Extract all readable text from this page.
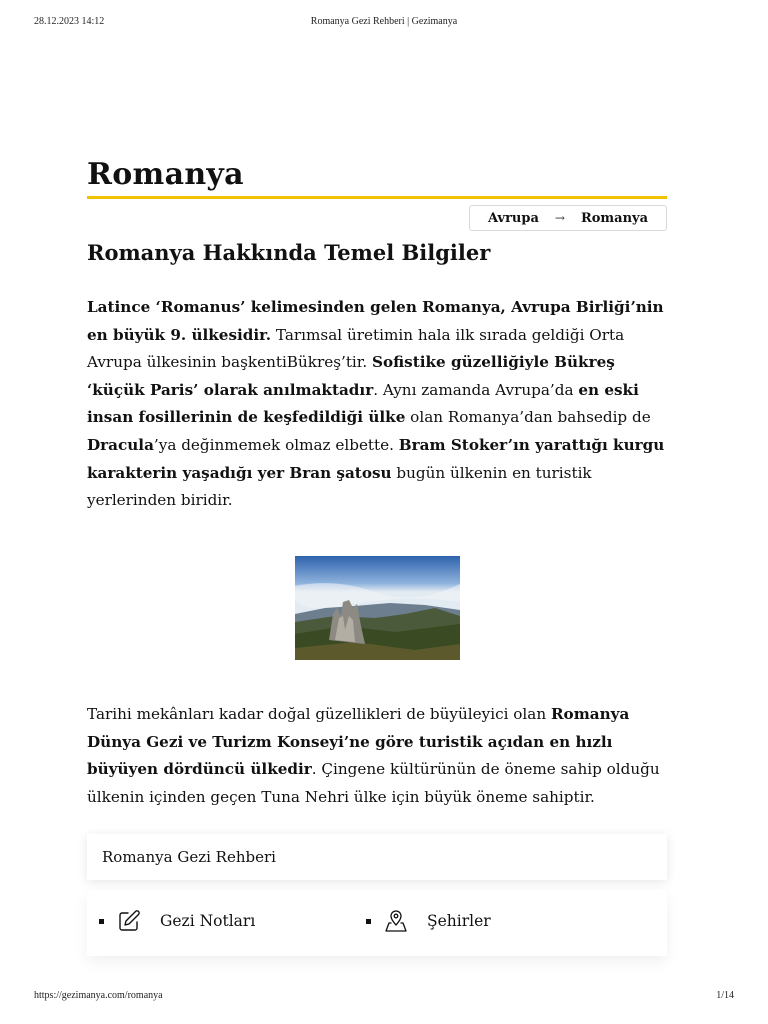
28.12.2023 14:12	Romanya Gezi Rehberi | Gezimanya
Romanya
Avrupa → Romanya
Romanya Hakkında Temel Bilgiler

Latince ‘Romanus’ kelimesinden gelen Romanya, Avrupa Birliği’nin en büyük 9. ülkesidir. Tarımsal üretimin hala ilk sırada geldiği Orta Avrupa ülkesinin başkentiBükreş’tir. Sofistike güzelliğiyle Bükreş ‘küçük Paris’ olarak anılmaktadır. Aynı zamanda Avrupa’da en eski insan fosillerinin de keşfedildiği ülke olan Romanya’dan bahsedip de Dracula’ya değinmemek olmaz elbette. Bram Stoker’ın yarattığı kurgu karakterin yaşadığı yer Bran şatosu bugün ülkenin en turistik yerlerinden biridir.

Tarihi mekânları kadar doğal güzellikleri de büyüleyici olan Romanya Dünya Gezi ve Turizm Konseyi’ne göre turistik açıdan en hızlı büyüyen dördüncü ülkedir. Çingene kültürünün de öneme sahip olduğu ülkenin içinden geçen Tuna Nehri ülke için büyük öneme sahiptir.

Romanya Gezi Rehberi
Gezi Notları	Şehirler
https://gezimanya.com/romanya	1/14
